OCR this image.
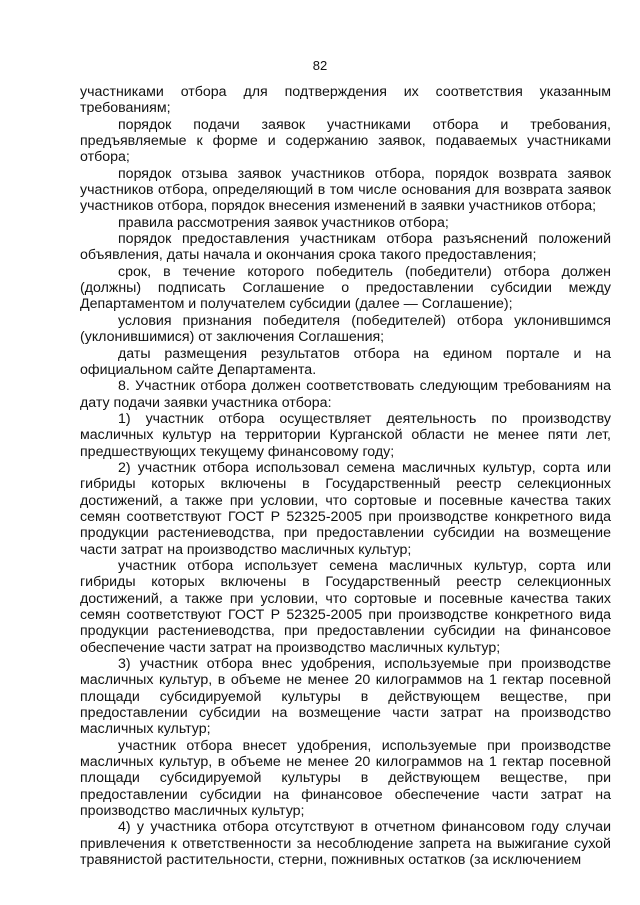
82

участниками отбора для подтверждения их соответствия указанным требованиям;

порядок подачи заявок участниками отбора и требования, предъявляемые к форме и содержанию заявок, подаваемых участниками отбора;

порядок отзыва заявок участников отбора, порядок возврата заявок участников отбора, определяющий в том числе основания для возврата заявок участников отбора, порядок внесения изменений в заявки участников отбора;

правила рассмотрения заявок участников отбора;

порядок предоставления участникам отбора разъяснений положений объявления, даты начала и окончания срока такого предоставления;

срок, в течение которого победитель (победители) отбора должен (должны) подписать Соглашение о предоставлении субсидии между Департаментом и получателем субсидии (далее — Соглашение);

условия признания победителя (победителей) отбора уклонившимся (уклонившимися) от заключения Соглашения;

даты размещения результатов отбора на едином портале и на официальном сайте Департамента.

8. Участник отбора должен соответствовать следующим требованиям на дату подачи заявки участника отбора:

1) участник отбора осуществляет деятельность по производству масличных культур на территории Курганской области не менее пяти лет, предшествующих текущему финансовому году;

2) участник отбора использовал семена масличных культур, сорта или гибриды которых включены в Государственный реестр селекционных достижений, а также при условии, что сортовые и посевные качества таких семян соответствуют ГОСТ Р 52325-2005 при производстве конкретного вида продукции растениеводства, при предоставлении субсидии на возмещение части затрат на производство масличных культур;

участник отбора использует семена масличных культур, сорта или гибриды которых включены в Государственный реестр селекционных достижений, а также при условии, что сортовые и посевные качества таких семян соответствуют ГОСТ Р 52325-2005 при производстве конкретного вида продукции растениеводства, при предоставлении субсидии на финансовое обеспечение части затрат на производство масличных культур;

3) участник отбора внес удобрения, используемые при производстве масличных культур, в объеме не менее 20 килограммов на 1 гектар посевной площади субсидируемой культуры в действующем веществе, при предоставлении субсидии на возмещение части затрат на производство масличных культур;

участник отбора внесет удобрения, используемые при производстве масличных культур, в объеме не менее 20 килограммов на 1 гектар посевной площади субсидируемой культуры в действующем веществе, при предоставлении субсидии на финансовое обеспечение части затрат на производство масличных культур;

4) у участника отбора отсутствуют в отчетном финансовом году случаи привлечения к ответственности за несоблюдение запрета на выжигание сухой травянистой растительности, стерни, пожнивных остатков (за исключением
